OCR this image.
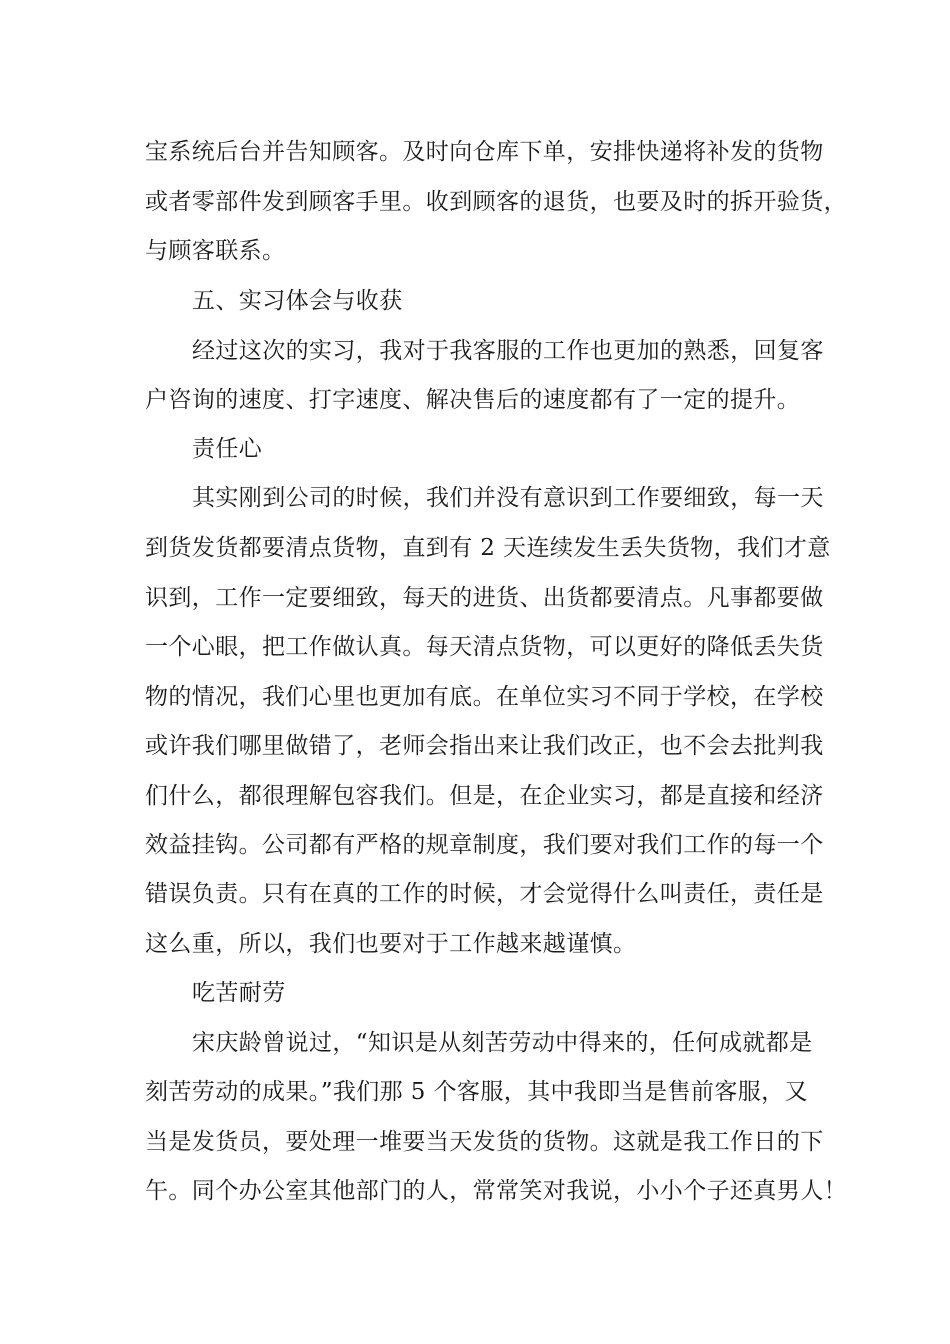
宝系统后台并告知顾客。及时向仓库下单，安排快递将补发的货物

或者零部件发到顾客手里。收到顾客的退货，也要及时的拆开验货，

与顾客联系。

五、实习体会与收获

经过这次的实习，我对于我客服的工作也更加的熟悉，回复客

户咨询的速度、打字速度、解决售后的速度都有了一定的提升。

责任心

其实刚到公司的时候，我们并没有意识到工作要细致，每一天

到货发货都要清点货物，直到有 2 天连续发生丢失货物，我们才意

识到，工作一定要细致，每天的进货、出货都要清点。凡事都要做

一个心眼，把工作做认真。每天清点货物，可以更好的降低丢失货

物的情况，我们心里也更加有底。在单位实习不同于学校，在学校

或许我们哪里做错了，老师会指出来让我们改正，也不会去批判我

们什么，都很理解包容我们。但是，在企业实习，都是直接和经济

效益挂钩。公司都有严格的规章制度，我们要对我们工作的每一个

错误负责。只有在真的工作的时候，才会觉得什么叫责任，责任是

这么重，所以，我们也要对于工作越来越谨慎。

吃苦耐劳

宋庆龄曾说过，“知识是从刻苦劳动中得来的，任何成就都是

刻苦劳动的成果。”我们那 5 个客服，其中我即当是售前客服，又

当是发货员，要处理一堆要当天发货的货物。这就是我工作日的下

午。同个办公室其他部门的人，常常笑对我说，小小个子还真男人！
